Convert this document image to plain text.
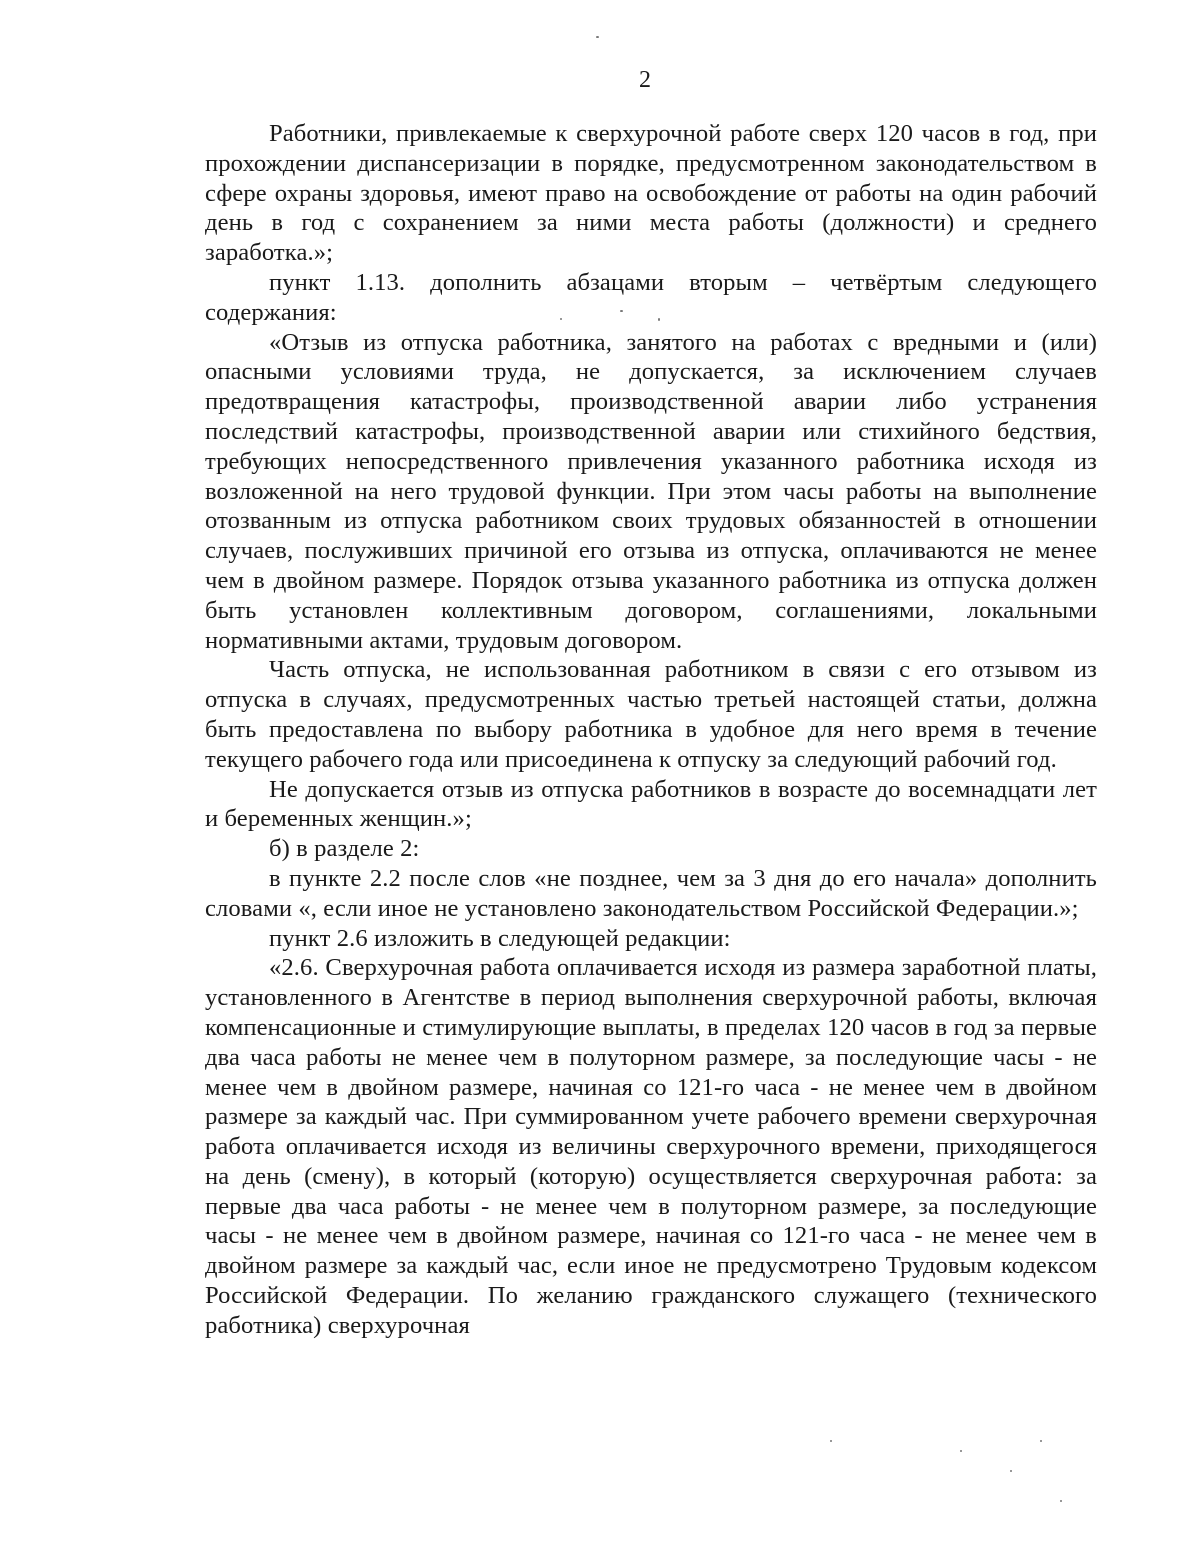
2

Работники, привлекаемые к сверхурочной работе сверх 120 часов в год, при прохождении диспансеризации в порядке, предусмотренном законодательством в сфере охраны здоровья, имеют право на освобождение от работы на один рабочий день в год с сохранением за ними места работы (должности) и среднего заработка.»;

пункт 1.13. дополнить абзацами вторым – четвёртым следующего содержания:

«Отзыв из отпуска работника, занятого на работах с вредными и (или) опасными условиями труда, не допускается, за исключением случаев предотвращения катастрофы, производственной аварии либо устранения последствий катастрофы, производственной аварии или стихийного бедствия, требующих непосредственного привлечения указанного работника исходя из возложенной на него трудовой функции. При этом часы работы на выполнение отозванным из отпуска работником своих трудовых обязанностей в отношении случаев, послуживших причиной его отзыва из отпуска, оплачиваются не менее чем в двойном размере. Порядок отзыва указанного работника из отпуска должен быть установлен коллективным договором, соглашениями, локальными нормативными актами, трудовым договором.

Часть отпуска, не использованная работником в связи с его отзывом из отпуска в случаях, предусмотренных частью третьей настоящей статьи, должна быть предоставлена по выбору работника в удобное для него время в течение текущего рабочего года или присоединена к отпуску за следующий рабочий год.

Не допускается отзыв из отпуска работников в возрасте до восемнадцати лет и беременных женщин.»;

б) в разделе 2:

в пункте 2.2 после слов «не позднее, чем за 3 дня до его начала» дополнить словами «, если иное не установлено законодательством Российской Федерации.»;

пункт 2.6 изложить в следующей редакции:

«2.6. Сверхурочная работа оплачивается исходя из размера заработной платы, установленного в Агентстве в период выполнения сверхурочной работы, включая компенсационные и стимулирующие выплаты, в пределах 120 часов в год за первые два часа работы не менее чем в полуторном размере, за последующие часы - не менее чем в двойном размере, начиная со 121-го часа - не менее чем в двойном размере за каждый час. При суммированном учете рабочего времени сверхурочная работа оплачивается исходя из величины сверхурочного времени, приходящегося на день (смену), в который (которую) осуществляется сверхурочная работа: за первые два часа работы - не менее чем в полуторном размере, за последующие часы - не менее чем в двойном размере, начиная со 121-го часа - не менее чем в двойном размере за каждый час, если иное не предусмотрено Трудовым кодексом Российской Федерации. По желанию гражданского служащего (технического работника) сверхурочная
